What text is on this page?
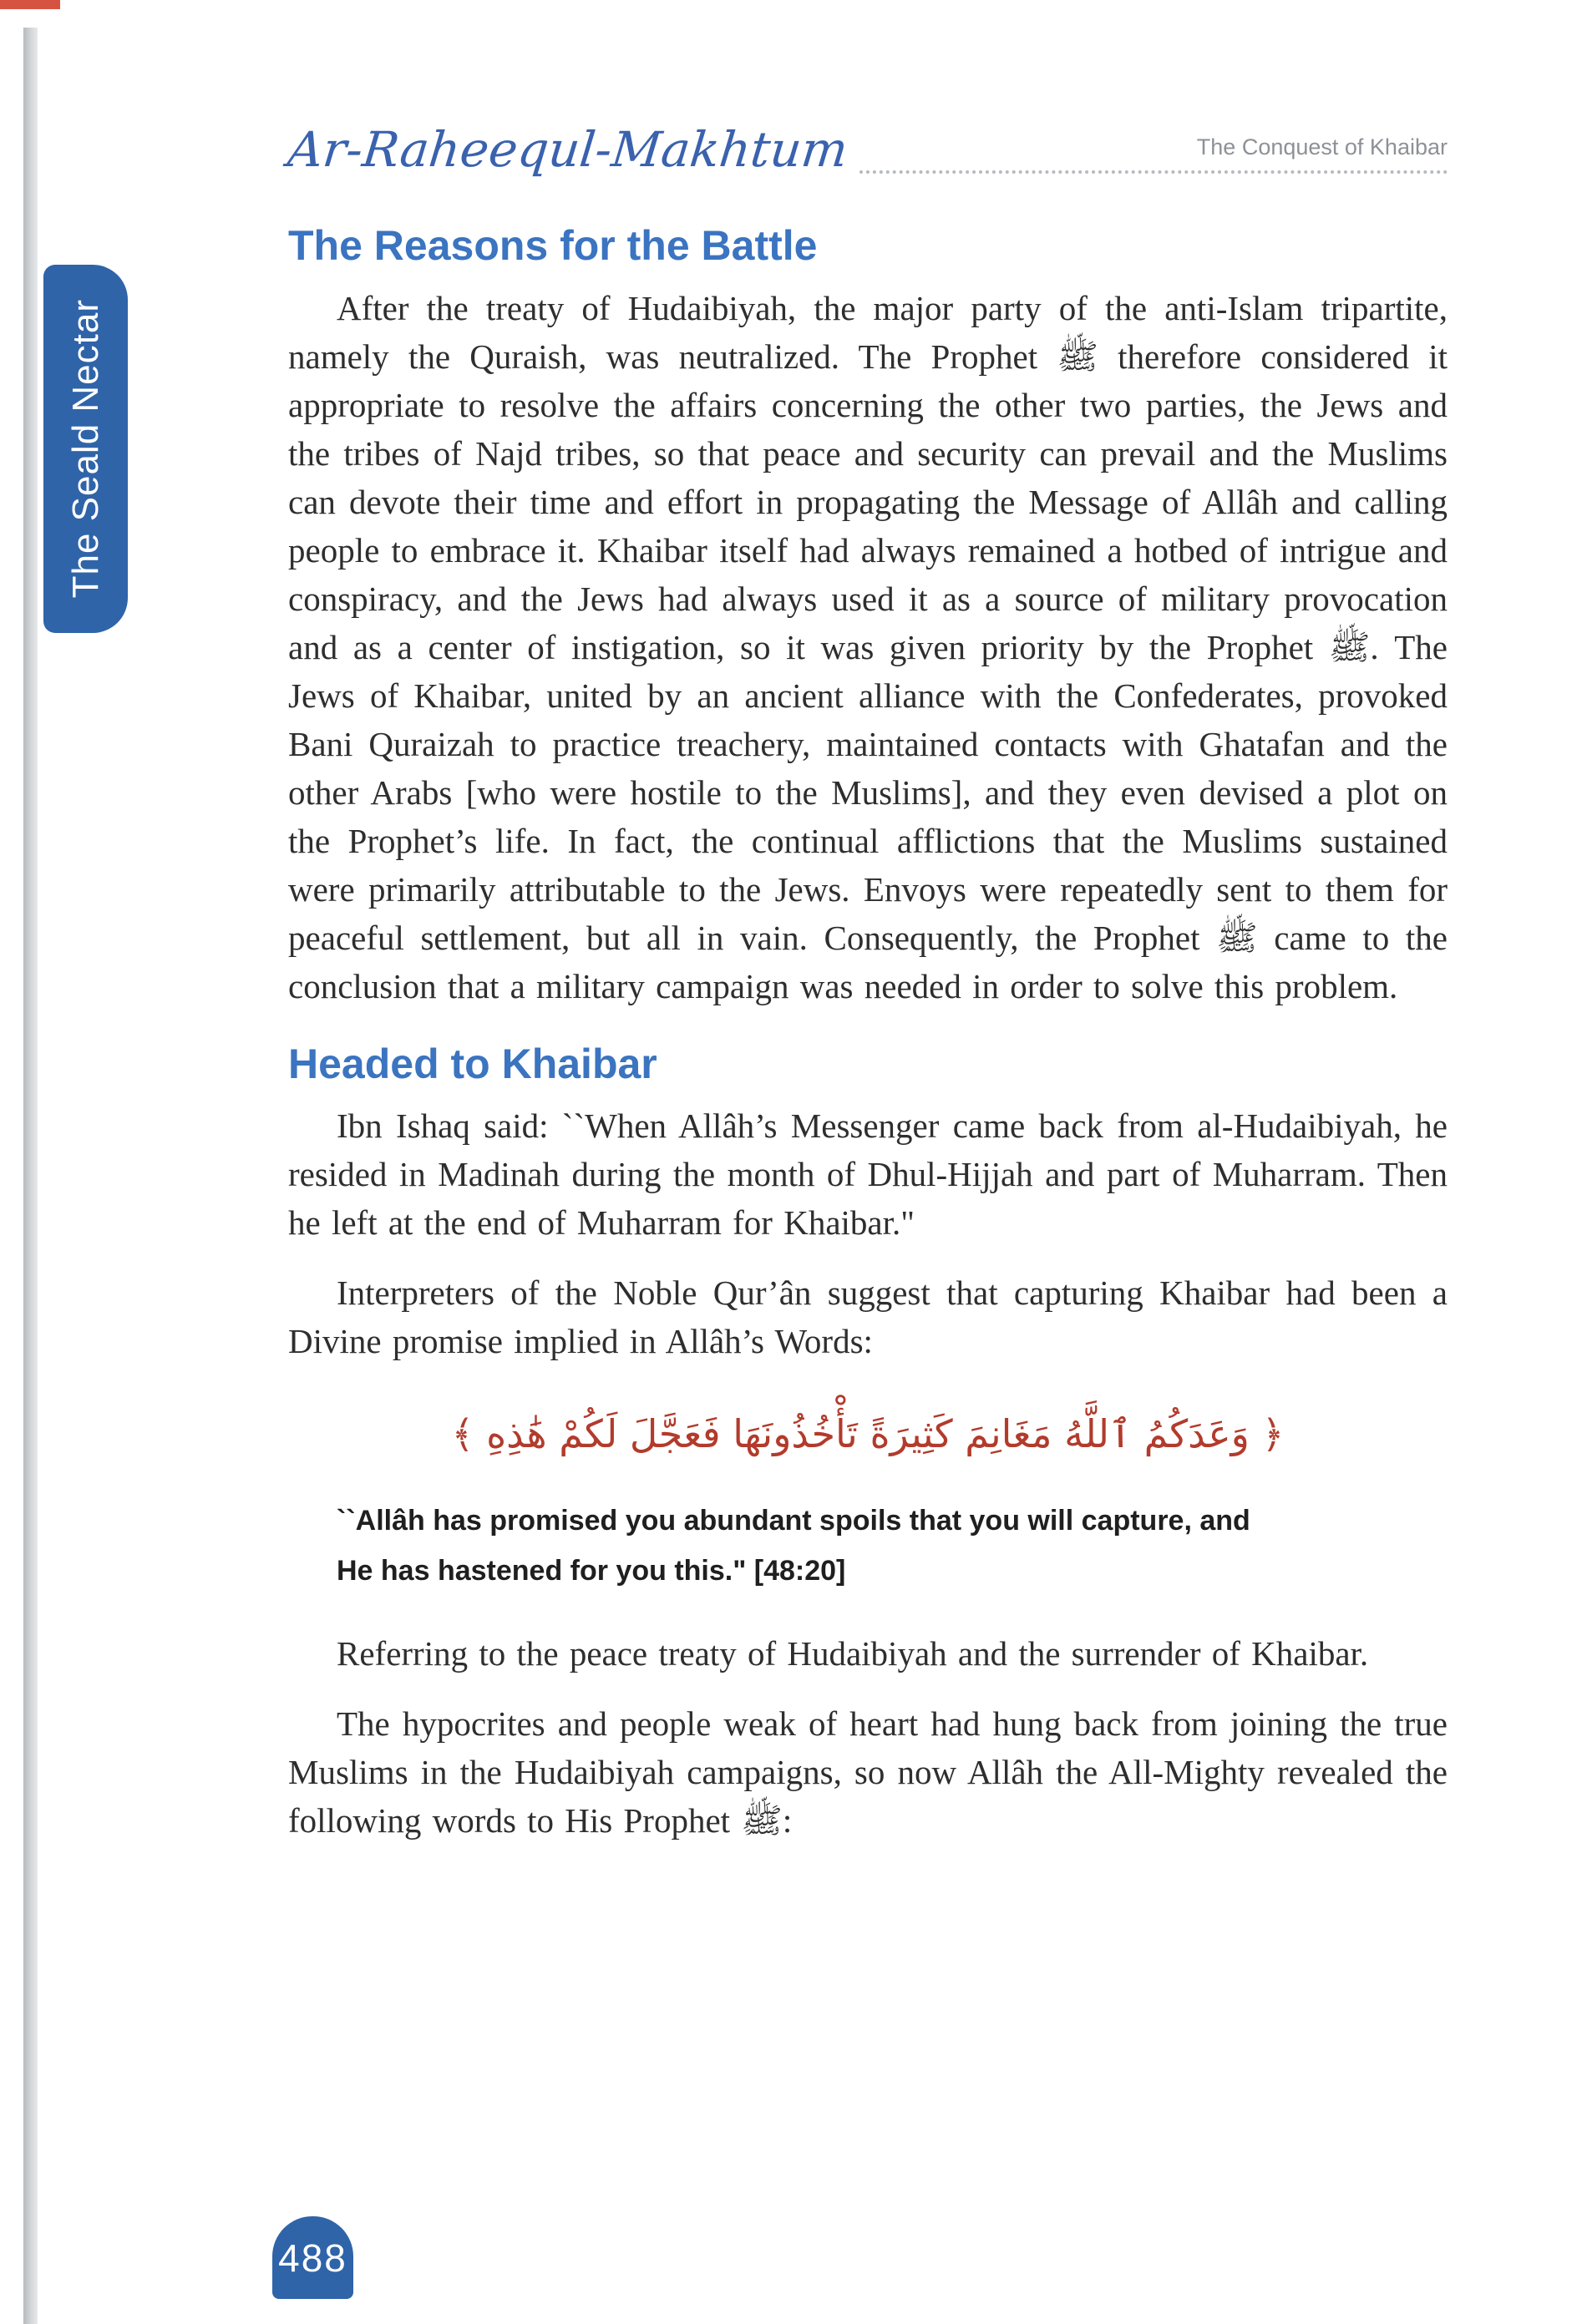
The Seald Nectar
Ar-Raheequl-Makhtum	The Conquest of Khaibar
The Reasons for the Battle

After the treaty of Hudaibiyah, the major party of the anti-Islam tripartite, namely the Quraish, was neutralized. The Prophet ﷺ therefore considered it appropriate to resolve the affairs concerning the other two parties, the Jews and the tribes of Najd tribes, so that peace and security can prevail and the Muslims can devote their time and effort in propagating the Message of Allâh and calling people to embrace it. Khaibar itself had always remained a hotbed of intrigue and conspiracy, and the Jews had always used it as a source of military provocation and as a center of instigation, so it was given priority by the Prophet ﷺ. The Jews of Khaibar, united by an ancient alliance with the Confederates, provoked Bani Quraizah to practice treachery, maintained contacts with Ghatafan and the other Arabs [who were hostile to the Muslims], and they even devised a plot on the Prophet’s life. In fact, the continual afflictions that the Muslims sustained were primarily attributable to the Jews. Envoys were repeatedly sent to them for peaceful settlement, but all in vain. Consequently, the Prophet ﷺ came to the conclusion that a military campaign was needed in order to solve this problem.

Headed to Khaibar

Ibn Ishaq said: ``When Allâh’s Messenger came back from al-Hudaibiyah, he resided in Madinah during the month of Dhul-Hijjah and part of Muharram. Then he left at the end of Muharram for Khaibar."

Interpreters of the Noble Qur’ân suggest that capturing Khaibar had been a Divine promise implied in Allâh’s Words:

﴿ وَعَدَكُمُ ٱللَّهُ مَغَانِمَ كَثِيرَةً تَأْخُذُونَهَا فَعَجَّلَ لَكُمْ هَٰذِهِ ﴾
``Allâh has promised you abundant spoils that you will capture, and He has hastened for you this." [48:20]

Referring to the peace treaty of Hudaibiyah and the surrender of Khaibar.

The hypocrites and people weak of heart had hung back from joining the true Muslims in the Hudaibiyah campaigns, so now Allâh the All-Mighty revealed the following words to His Prophet ﷺ:

488
